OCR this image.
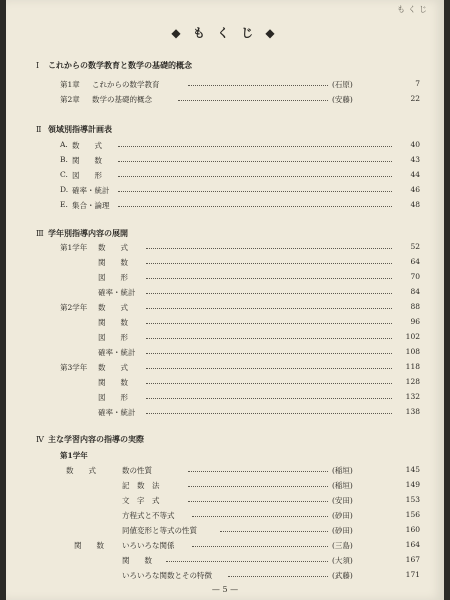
もくじ
◆ も く じ ◆
Ⅰ これからの数学教育と数学の基礎的概念
第1章 これからの数学教育	(石原)	7
第2章 数学の基礎的概念	(安藤)	22
Ⅱ 領域別指導計画表
A. 数　　式	40
B. 関　　数	43
C. 図　　形	44
D. 確率・統計	46
E. 集合・論理	48
Ⅲ 学年別指導内容の展開
第1学年 数　　式	52
関　　数	64
図　　形	70
確率・統計	84
第2学年 数　　式	88
関　　数	96
図　　形	102
確率・統計	108
第3学年 数　　式	118
関　　数	128
図　　形	132
確率・統計	138
Ⅳ 主な学習内容の指導の実際
第1学年
数　　式	数の性質	(稲垣)	145
記　数　法	(稲垣)	149
文　字　式	(安田)	153
方程式と不等式	(砂田)	156
同値変形と等式の性質	(砂田)	160
関　　数 いろいろな関係	(三島)	164
関　　数	(大須)	167
いろいろな関数とその特徴	(武藤)	171
— 5 —
